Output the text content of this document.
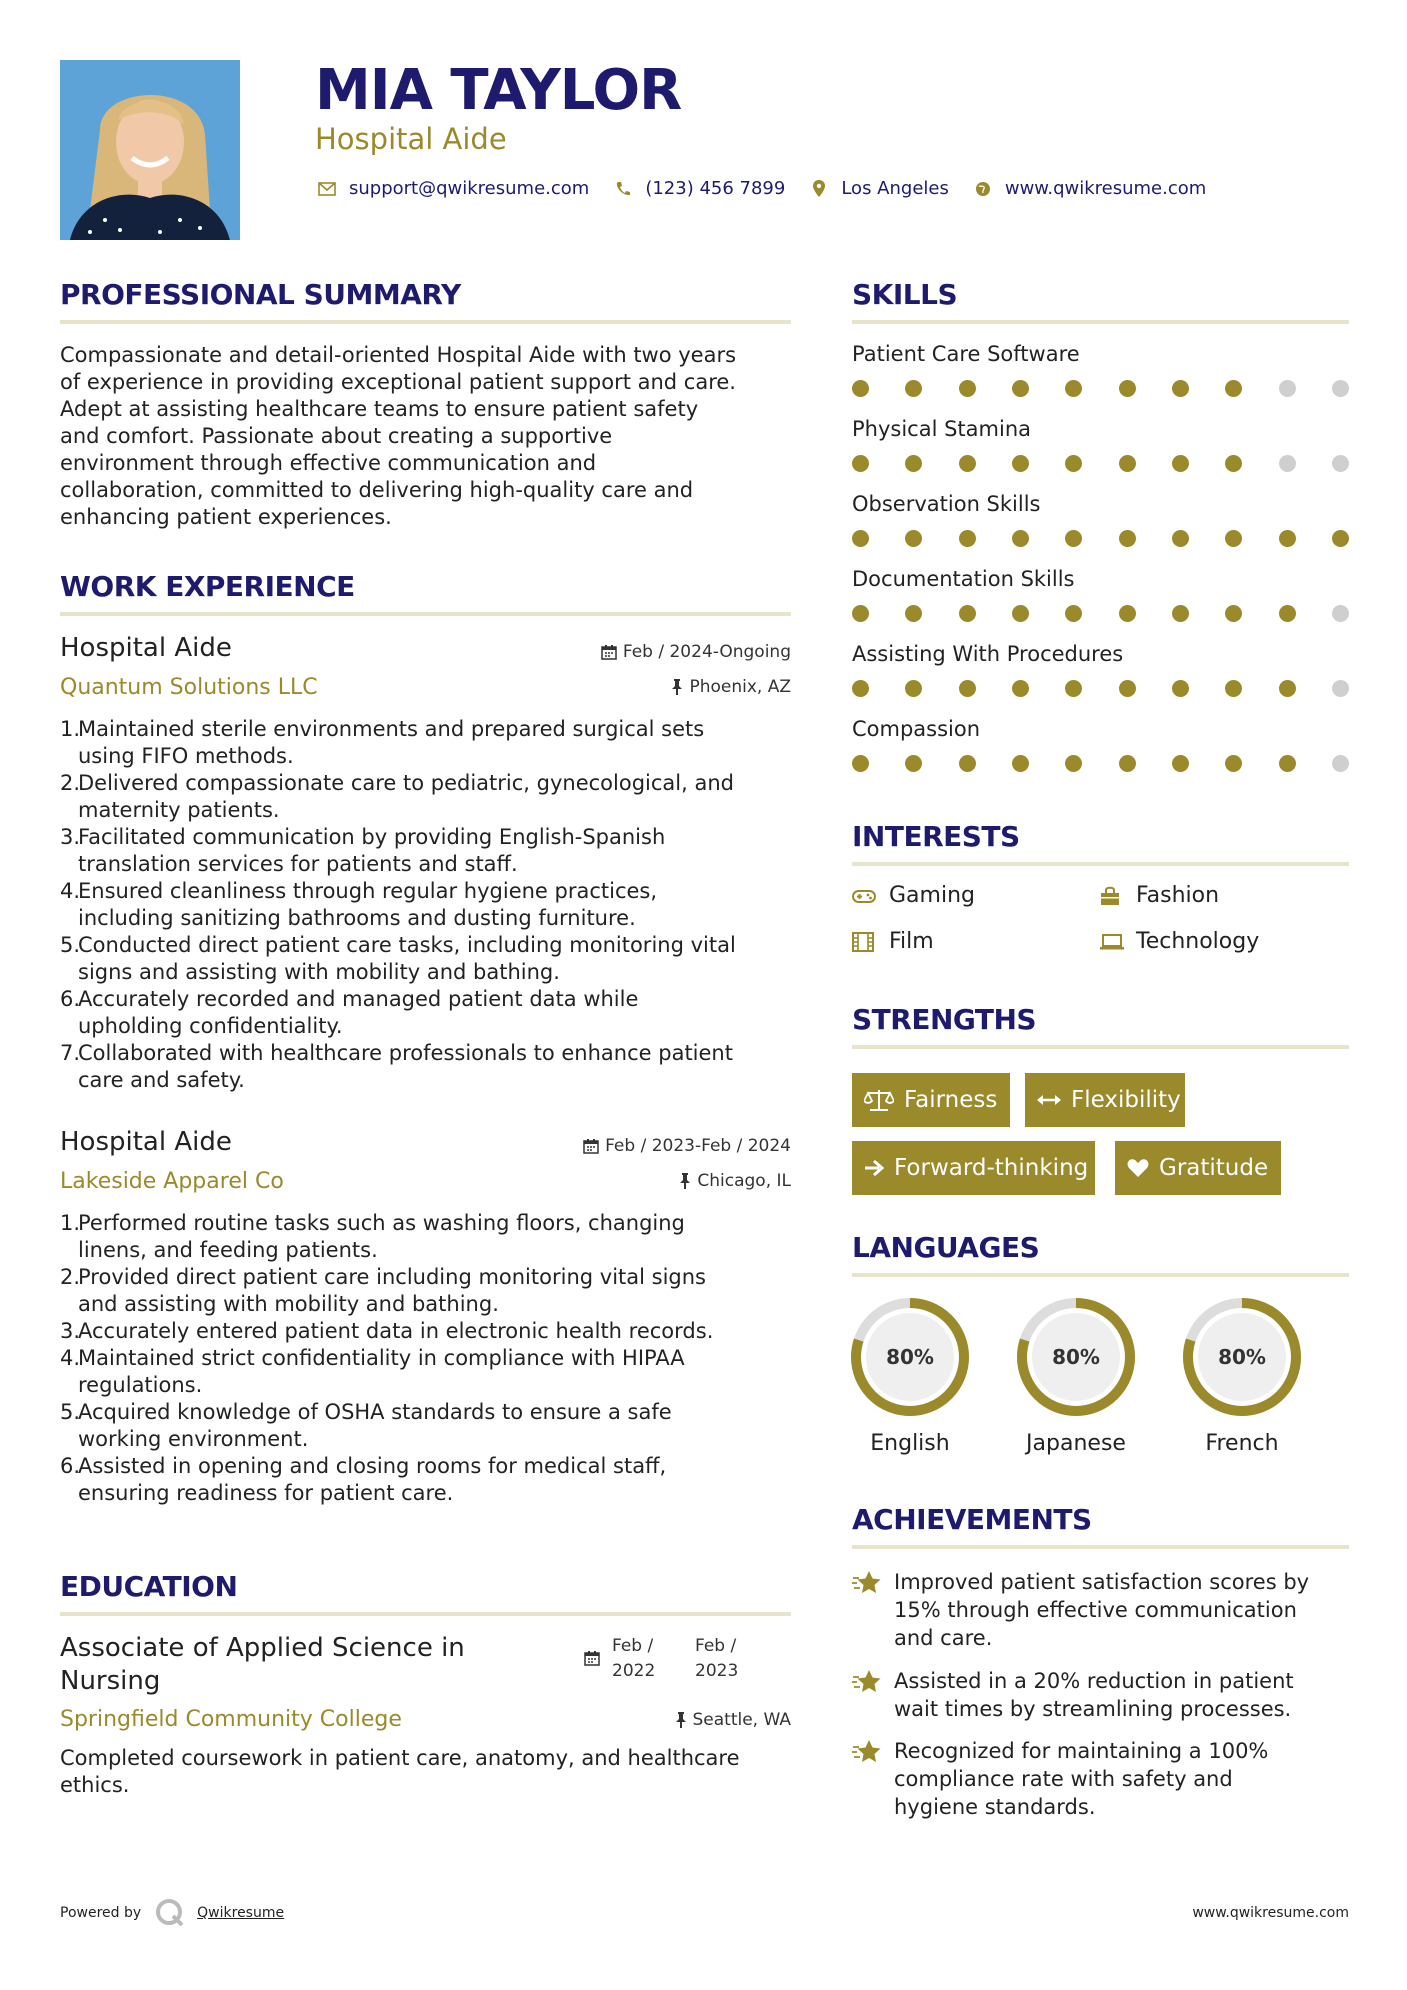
MIA TAYLOR
Hospital Aide
support@qwikresume.com	(123) 456 7899	Los Angeles	www.qwikresume.com
PROFESSIONAL SUMMARY
Compassionate and detail-oriented Hospital Aide with two years
of experience in providing exceptional patient support and care.
Adept at assisting healthcare teams to ensure patient safety
and comfort. Passionate about creating a supportive
environment through effective communication and
collaboration, committed to delivering high-quality care and
enhancing patient experiences.
WORK EXPERIENCE
Hospital Aide
Quantum Solutions LLC
Feb / 2024-Ongoing
Phoenix, AZ
1.
Maintained sterile environments and prepared surgical sets
using FIFO methods.
2.
Delivered compassionate care to pediatric, gynecological, and
maternity patients.
3.
Facilitated communication by providing English-Spanish
translation services for patients and staff.
4.
Ensured cleanliness through regular hygiene practices,
including sanitizing bathrooms and dusting furniture.
5.
Conducted direct patient care tasks, including monitoring vital
signs and assisting with mobility and bathing.
6.
Accurately recorded and managed patient data while
upholding confidentiality.
7.
Collaborated with healthcare professionals to enhance patient
care and safety.
Hospital Aide
Lakeside Apparel Co
Feb / 2023-Feb / 2024
Chicago, IL
1.
Performed routine tasks such as washing floors, changing
linens, and feeding patients.
2.
Provided direct patient care including monitoring vital signs
and assisting with mobility and bathing.
3.
Accurately entered patient data in electronic health records.
4.
Maintained strict confidentiality in compliance with HIPAA
regulations.
5.
Acquired knowledge of OSHA standards to ensure a safe
working environment.
6.
Assisted in opening and closing rooms for medical staff,
ensuring readiness for patient care.
EDUCATION
Associate of Applied Science in
Nursing
Feb /
2022
Feb /
2023
Springfield Community College	Seattle, WA
Completed coursework in patient care, anatomy, and healthcare
ethics.
SKILLS
Patient Care Software
Physical Stamina
Observation Skills
Documentation Skills
Assisting With Procedures
Compassion
INTERESTS
Gaming	Fashion
Film	Technology
STRENGTHS
Fairness	Flexibility
Forward-thinking	Gratitude
LANGUAGES
80%
English
80%
Japanese
80%
French
ACHIEVEMENTS
Improved patient satisfaction scores by
15% through effective communication
and care.
Assisted in a 20% reduction in patient
wait times by streamlining processes.
Recognized for maintaining a 100%
compliance rate with safety and
hygiene standards.
Powered by	Qwikresume	www.qwikresume.com
